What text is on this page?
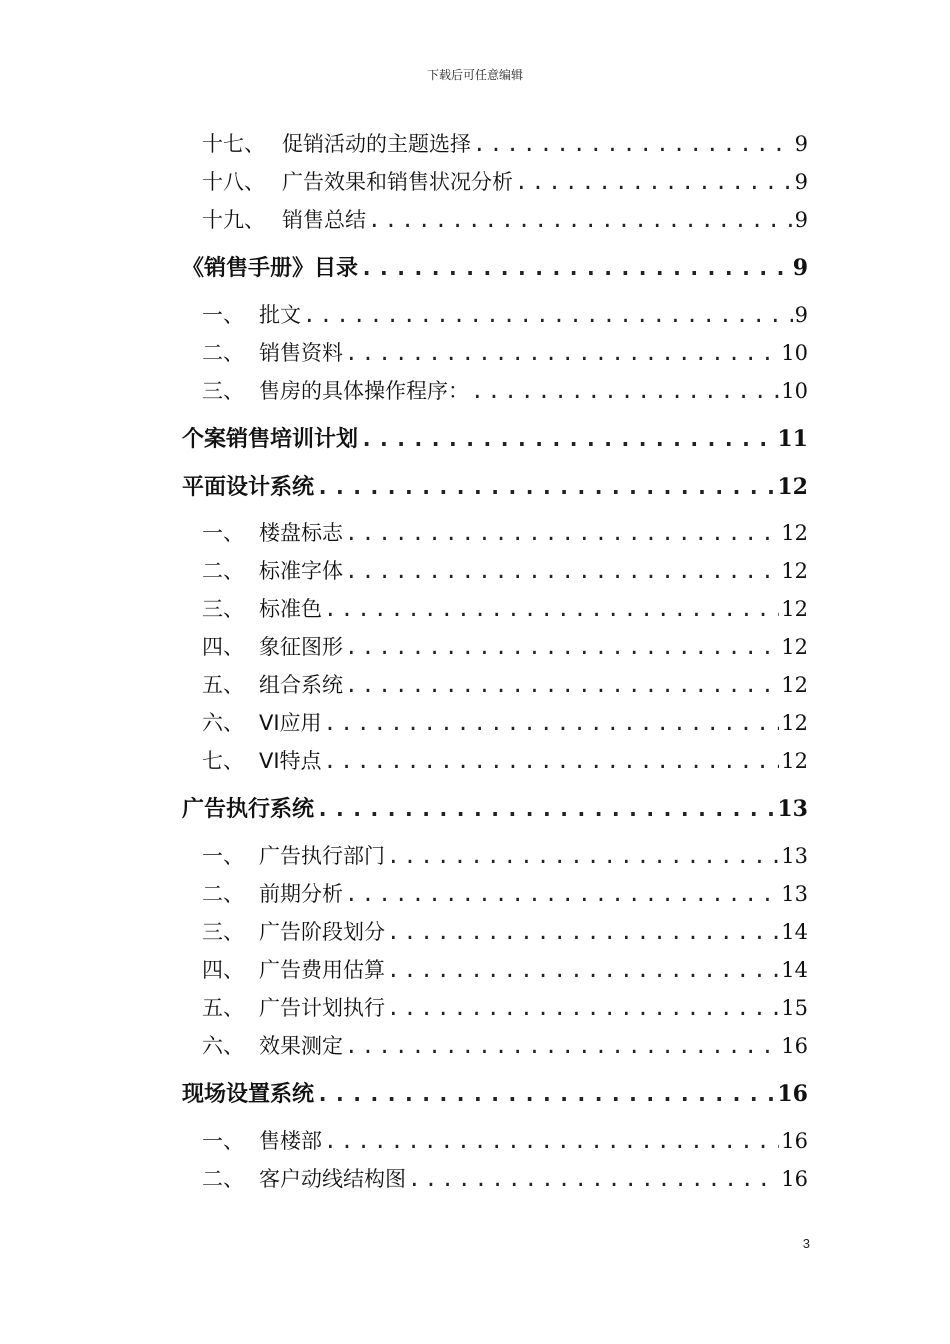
下载后可任意编辑
十七、 促销活动的主题选择 .....	9
十八、 广告效果和销售状况分析 .....	9
十九、 销售总结 .....	9
《销售手册》目录 .....	9
一、 批文 .....	9
二、 销售资料 .....	10
三、 售房的具体操作程序： .....	10
个案销售培训计划 .....	11
平面设计系统 .....	12
一、 楼盘标志 .....	12
二、 标准字体 .....	12
三、 标准色 .....	12
四、 象征图形 .....	12
五、 组合系统 .....	12
六、 VI应用 .....	12
七、 VI特点 .....	12
广告执行系统 .....	13
一、 广告执行部门 .....	13
二、 前期分析 .....	13
三、 广告阶段划分 .....	14
四、 广告费用估算 .....	14
五、 广告计划执行 .....	15
六、 效果测定 .....	16
现场设置系统 .....	16
一、 售楼部 .....	16
二、 客户动线结构图 .....	16
3
